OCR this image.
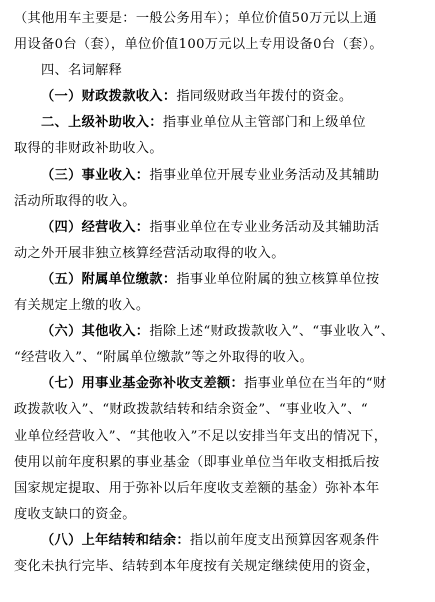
（其他用车主要是：一般公务用车）；单位价值50万元以上通
用设备0台（套），单位价值100万元以上专用设备0台（套）。
四、名词解释
（一）财政拨款收入：指同级财政当年拨付的资金。
二、上级补助收入：指事业单位从主管部门和上级单位
取得的非财政补助收入。
（三）事业收入：指事业单位开展专业业务活动及其辅助
活动所取得的收入。
（四）经营收入：指事业单位在专业业务活动及其辅助活
动之外开展非独立核算经营活动取得的收入。
（五）附属单位缴款：指事业单位附属的独立核算单位按
有关规定上缴的收入。
（六）其他收入：指除上述“财政拨款收入”、“事业收入”、
“经营收入”、“附属单位缴款”等之外取得的收入。
（七）用事业基金弥补收支差额：指事业单位在当年的“财
政拨款收入”、“财政拨款结转和结余资金”、“事业收入”、“
业单位经营收入”、“其他收入”不足以安排当年支出的情况下，
使用以前年度积累的事业基金（即事业单位当年收支相抵后按
国家规定提取、用于弥补以后年度收支差额的基金）弥补本年
度收支缺口的资金。
（八）上年结转和结余：指以前年度支出预算因客观条件
变化未执行完毕、结转到本年度按有关规定继续使用的资金，
